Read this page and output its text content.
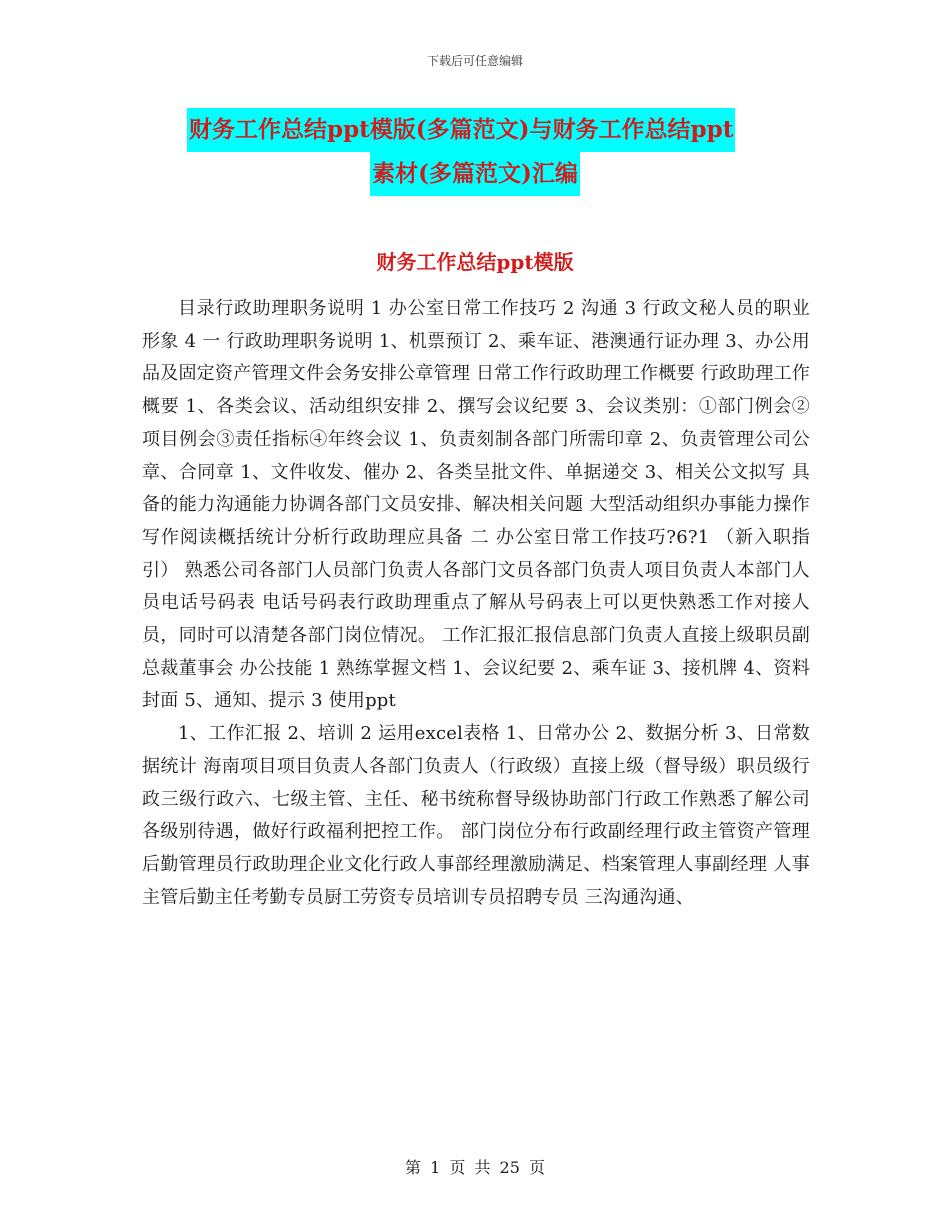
下载后可任意编辑
财务工作总结ppt模版(多篇范文)与财务工作总结ppt
素材(多篇范文)汇编
财务工作总结ppt模版

目录行政助理职务说明 1 办公室日常工作技巧 2 沟通 3 行政文秘人员的职业形象 4 一 行政助理职务说明 1、机票预订 2、乘车证、港澳通行证办理 3、办公用品及固定资产管理文件会务安排公章管理 日常工作行政助理工作概要 行政助理工作概要 1、各类会议、活动组织安排 2、撰写会议纪要 3、会议类别：①部门例会②项目例会③责任指标④年终会议 1、负责刻制各部门所需印章 2、负责管理公司公章、合同章 1、文件收发、催办 2、各类呈批文件、单据递交 3、相关公文拟写 具备的能力沟通能力协调各部门文员安排、解决相关问题 大型活动组织办事能力操作写作阅读概括统计分析行政助理应具备 二 办公室日常工作技巧?6?1 （新入职指引） 熟悉公司各部门人员部门负责人各部门文员各部门负责人项目负责人本部门人员电话号码表 电话号码表行政助理重点了解从号码表上可以更快熟悉工作对接人员，同时可以清楚各部门岗位情况。 工作汇报汇报信息部门负责人直接上级职员副总裁董事会 办公技能 1 熟练掌握文档 1、会议纪要 2、乘车证 3、接机牌 4、资料封面 5、通知、提示 3 使用ppt

1、工作汇报 2、培训 2 运用excel表格 1、日常办公 2、数据分析 3、日常数据统计 海南项目项目负责人各部门负责人（行政级）直接上级（督导级）职员级行政三级行政六、七级主管、主任、秘书统称督导级协助部门行政工作熟悉了解公司各级别待遇，做好行政福利把控工作。 部门岗位分布行政副经理行政主管资产管理后勤管理员行政助理企业文化行政人事部经理激励满足、档案管理人事副经理 人事主管后勤主任考勤专员厨工劳资专员培训专员招聘专员 三沟通沟通、

第 1 页 共 25 页
